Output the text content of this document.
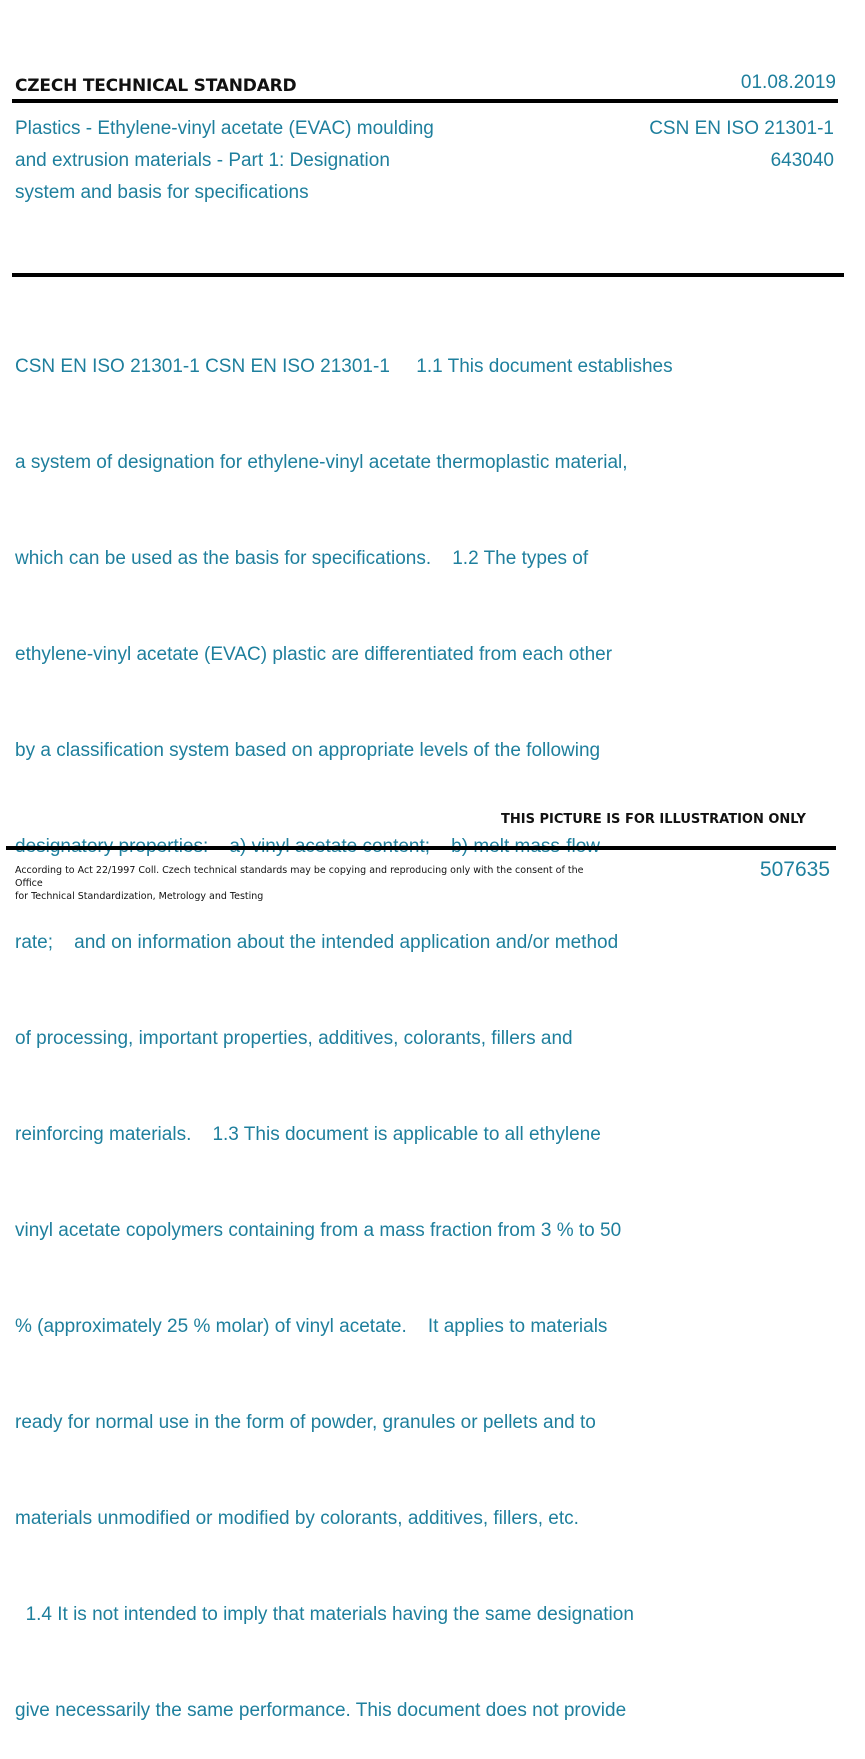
CZECH TECHNICAL STANDARD	01.08.2019
Plastics - Ethylene-vinyl acetate (EVAC) moulding
and extrusion materials - Part 1: Designation
system and basis for specifications
CSN EN ISO 21301-1
643040

CSN EN ISO 21301-1 CSN EN ISO 21301-1     1.1 This document establishes

a system of designation for ethylene-vinyl acetate thermoplastic material,

which can be used as the basis for specifications.    1.2 The types of

ethylene-vinyl acetate (EVAC) plastic are differentiated from each other

by a classification system based on appropriate levels of the following

rate;    and on information about the intended application and/or method

of processing, important properties, additives, colorants, fillers and

reinforcing materials.    1.3 This document is applicable to all ethylene

vinyl acetate copolymers containing from a mass fraction from 3 % to 50

% (approximately 25 % molar) of vinyl acetate.    It applies to materials

ready for normal use in the form of powder, granules or pellets and to

materials unmodified or modified by colorants, additives, fillers, etc.

1.4 It is not intended to imply that materials having the same designation

give necessarily the same performance. This document does not provide

THIS PICTURE IS FOR ILLUSTRATION ONLY
According to Act 22/1997 Coll. Czech technical standards may be copying and reproducing only with the consent of the Office
for Technical Standardization, Metrology and Testing
507635
